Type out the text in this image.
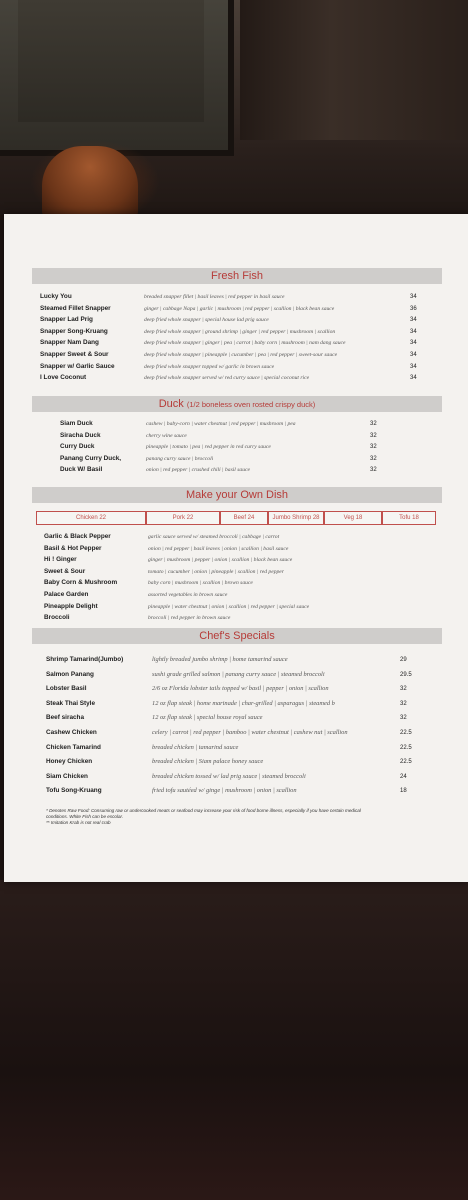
Fresh Fish
Lucky You	breaded snapper fillet | basil leaves | red pepper in basil sauce	34
Steamed Fillet Snapper	ginger | cabbage Napa | garlic | mushroom | red pepper | scallion | black bean sauce	36
Snapper Lad Prig	deep fried whole snapper | special house lad prig sauce	34
Snapper Song-Kruang	deep fried whole snapper | ground shrimp | ginger | red pepper | mushroom | scallion	34
Snapper Nam Dang	deep fried whole snapper | ginger | pea | carrot | baby corn | mushroom | nam dang sauce	34
Snapper Sweet & Sour	deep fried whole snapper | pineapple | cucumber | pea | red pepper | sweet-sour sauce	34
Snapper w/ Garlic Sauce	deep fried whole snapper topped w/ garlic in brown sauce	34
I Love Coconut	deep fried whole snapper served w/ red curry sauce | special coconut rice	34
Duck (1/2 boneless oven rosted crispy duck)
Siam Duck	cashew | baby-corn | water chestnut | red pepper | mushroom | pea	32
Siracha Duck	cherry wine sauce	32
Curry Duck	pineapple | tomato | pea | red pepper in red curry sauce	32
Panang Curry Duck,	panang curry sauce | broccoli	32
Duck W/ Basil	onion | red pepper | crushed chili | basil sauce	32
Make your Own Dish
Chicken 22	Pork 22	Beef 24	Jumbo Shrimp 28	Veg 18	Tofu 18
Garlic & Black Pepper	garlic sauce served w/ steamed broccoli | cabbage | carrot
Basil & Hot Pepper	onion | red pepper | basil leaves | onion | scallion | basil sauce
Hi ! Ginger	ginger | mushroom | pepper | onion | scallion | black bean sauce
Sweet & Sour	tomato | cucumber | onion | pineapple | scallion | red pepper
Baby Corn & Mushroom	baby corn | mushroom | scallion | brown sauce
Palace Garden	assorted vegetables in brown sauce
Pineapple Delight	pineapple | water chestnut | onion | scallion | red pepper | special sauce
Broccoli	broccoli | red pepper in brown sauce
Chef's Specials
Shrimp Tamarind(Jumbo)	lightly breaded jumbo shrimp | home tamarind sauce	29
Salmon Panang	sushi grade grilled salmon | panang curry sauce | steamed broccoli	29.5
Lobster Basil	2/6 oz Florida lobster tails topped w/ basil | pepper | onion | scallion	32
Steak Thai Style	12 oz flap steak | home marinade | char-grilled | asparagus | steamed b	32
Beef siracha	12 oz flap steak | special house royal sauce	32
Cashew Chicken	celery | carrot | red pepper | bamboo | water chestnut | cashew nut | scallion	22.5
Chicken Tamarind	breaded chicken | tamarind sauce	22.5
Honey Chicken	breaded chicken | Siam palace honey sauce	22.5
Siam Chicken	breaded chicken tossed w/ lad prig sauce | steamed broccoli	24
Tofu Song-Kruang	fried tofu sautéed w/ ginge | mushroom | onion | scallion	18
* Denotes Raw Food: Consuming raw or undercooked meats or seafood may increase your risk of food borne illness, especially if you have certain medical
conditions. White Fish can be escolar.
** Imitation Krab is not real crab
